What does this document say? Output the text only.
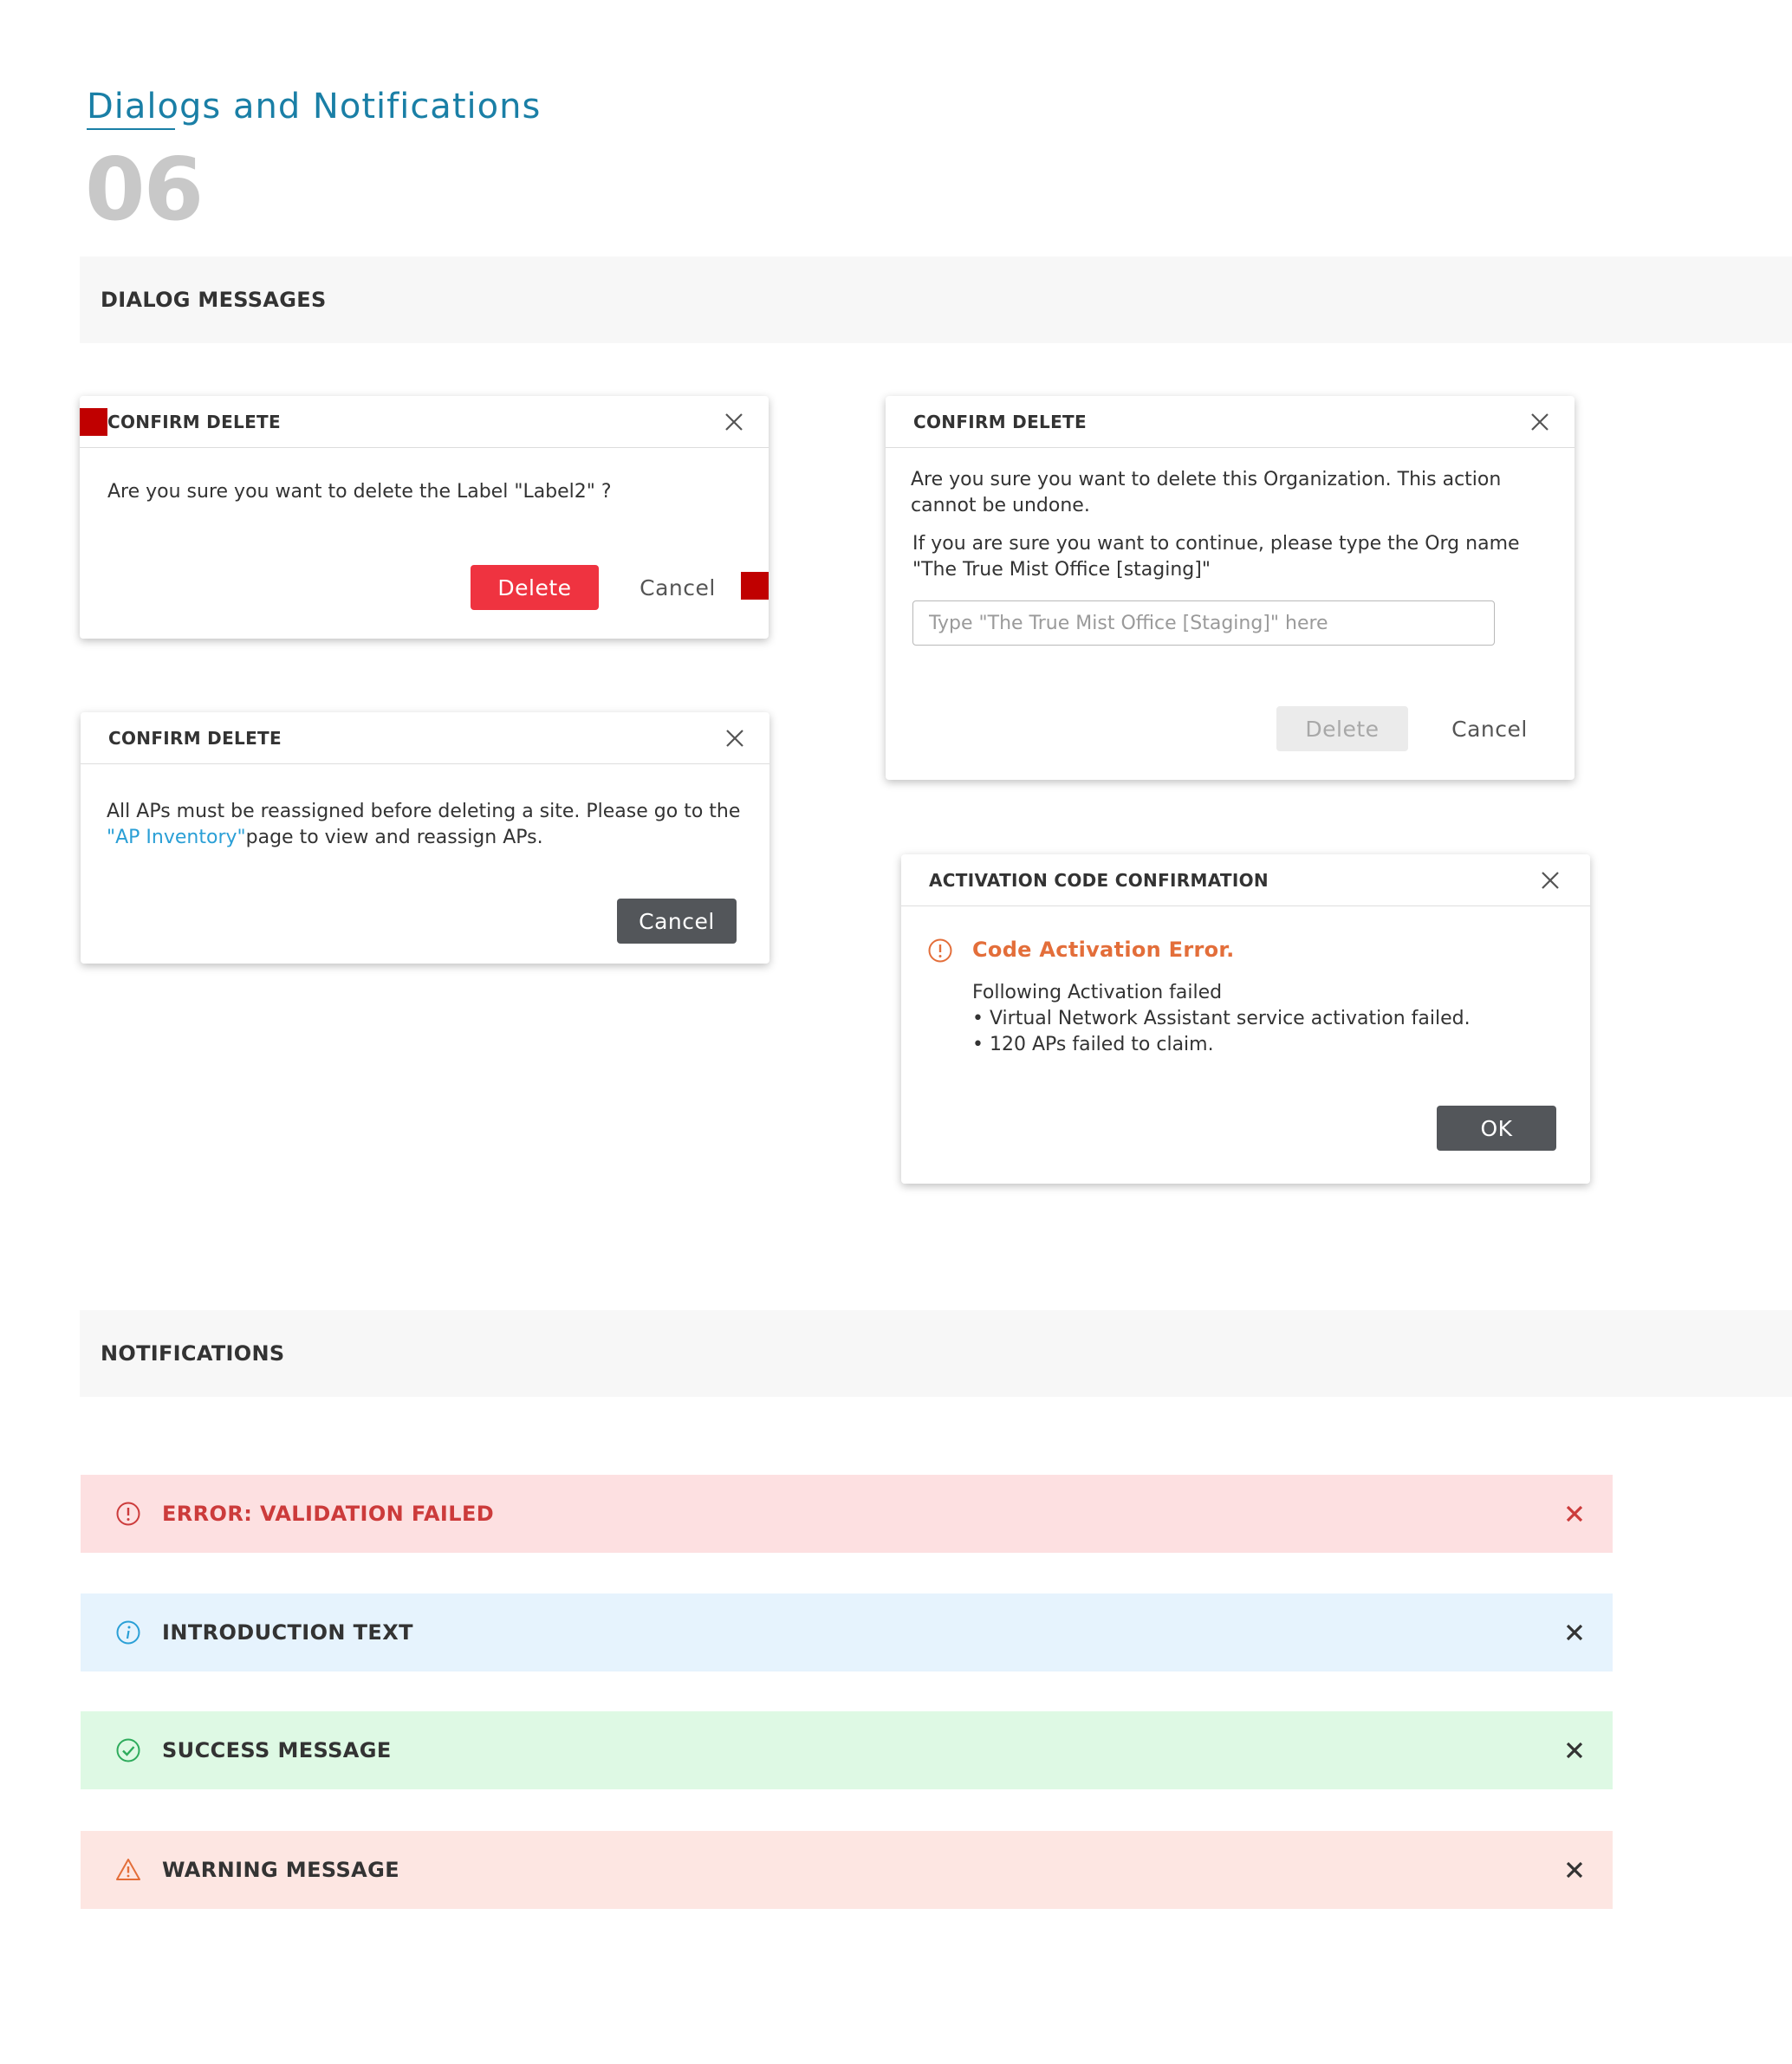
Dialogs and Notifications
06
DIALOG MESSAGES
CONFIRM DELETE
Are you sure you want to delete the Label "Label2" ?
Delete	Cancel
CONFIRM DELETE
All APs must be reassigned before deleting a site. Please go to the
"AP Inventory"page to view and reassign APs.
Cancel
CONFIRM DELETE
Are you sure you want to delete this Organization. This action
cannot be undone.
If you are sure you want to continue, please type the Org name
"The True Mist Office [staging]"
Type "The True Mist Office [Staging]" here
Delete	Cancel
ACTIVATION CODE CONFIRMATION
Code Activation Error.
Following Activation failed
• Virtual Network Assistant service activation failed.
• 120 APs failed to claim.
OK
NOTIFICATIONS
ERROR: VALIDATION FAILED
INTRODUCTION TEXT
SUCCESS MESSAGE
WARNING MESSAGE
